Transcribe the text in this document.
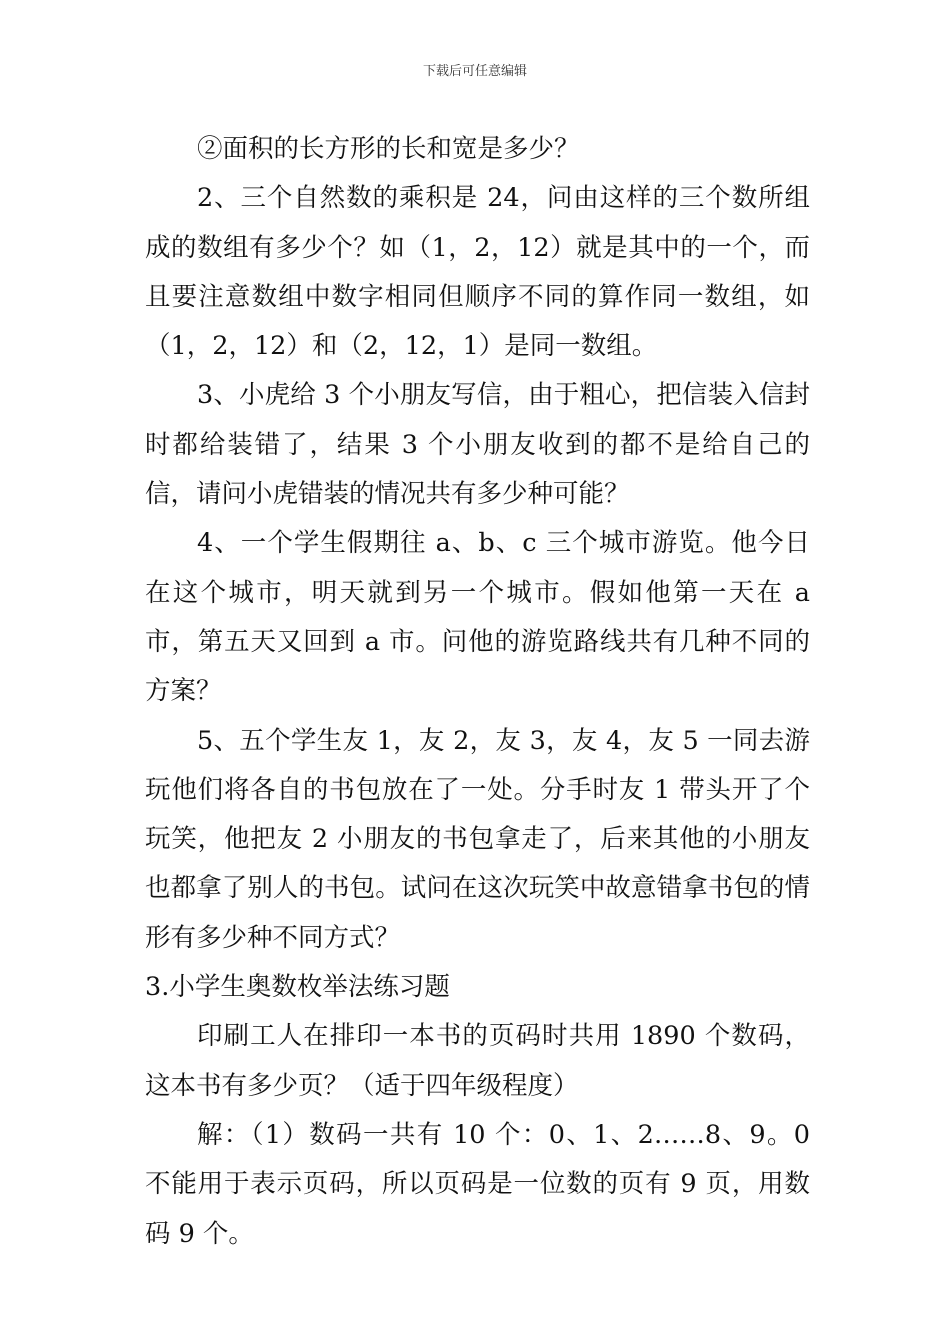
下载后可任意编辑

②面积的长方形的长和宽是多少？

2、三个自然数的乘积是 24，问由这样的三个数所组成的数组有多少个？如（1，2，12）就是其中的一个，而且要注意数组中数字相同但顺序不同的算作同一数组，如（1，2，12）和（2，12，1）是同一数组。

3、小虎给 3 个小朋友写信，由于粗心，把信装入信封时都给装错了，结果 3 个小朋友收到的都不是给自己的信，请问小虎错装的情况共有多少种可能？

4、一个学生假期往 a、b、c 三个城市游览。他今日在这个城市，明天就到另一个城市。假如他第一天在 a 市，第五天又回到 a 市。问他的游览路线共有几种不同的方案？

5、五个学生友 1，友 2，友 3，友 4，友 5 一同去游玩他们将各自的书包放在了一处。分手时友 1 带头开了个玩笑，他把友 2 小朋友的书包拿走了，后来其他的小朋友也都拿了别人的书包。试问在这次玩笑中故意错拿书包的情形有多少种不同方式？

3.小学生奥数枚举法练习题

印刷工人在排印一本书的页码时共用 1890 个数码，这本书有多少页？（适于四年级程度）

解：（1）数码一共有 10 个：0、1、2……8、9。0 不能用于表示页码，所以页码是一位数的页有 9 页，用数码 9 个。
